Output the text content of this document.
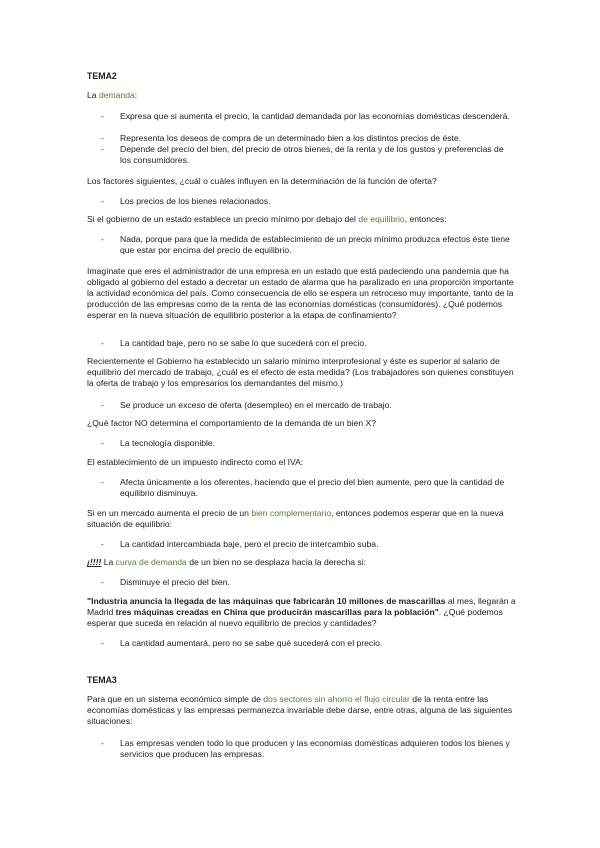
TEMA2
La demanda:
- Expresa que si aumenta el precio, la cantidad demandada por las economías domésticas descenderá.
- Representa los deseos de compra de un determinado bien a los distintos precios de éste.
- Depende del precio del bien, del precio de otros bienes, de la renta y de los gustos y preferencias de los consumidores.
Los factores siguientes, ¿cuál o cuáles influyen en la determinación de la función de oferta?
- Los precios de los bienes relacionados.
Si el gobierno de un estado establece un precio mínimo por debajo del de equilibrio, entonces:
- Nada, porque para que la medida de establecimiento de un precio mínimo produzca efectos éste tiene que estar por encima del precio de equilibrio.
Imagínate que eres el administrador de una empresa en un estado que está padeciendo una pandemia que ha obligado al gobierno del estado a decretar un estado de alarma que ha paralizado en una proporción importante la actividad económica del país. Como consecuencia de ello se espera un retroceso muy importante, tanto de la producción de las empresas como de la renta de las economías domésticas (consumidores). ¿Qué podemos esperar en la nueva situación de equilibrio posterior a la etapa de confinamiento?
- La cantidad baje, pero no se sabe lo que sucederá con el precio.
Recientemente el Gobierno ha establecido un salario mínimo interprofesional y éste es superior al salario de equilibrio del mercado de trabajo, ¿cuál es el efecto de esta medida? (Los trabajadores son quienes constituyen la oferta de trabajo y los empresarios los demandantes del mismo.)
- Se produce un exceso de oferta (desempleo) en el mercado de trabajo.
¿Qué factor NO determina el comportamiento de la demanda de un bien X?
- La tecnología disponible.
El establecimiento de un impuesto indirecto como el IVA:
- Afecta únicamente a los oferentes, haciendo que el precio del bien aumente, pero que la cantidad de equilibrio disminuya.
Si en un mercado aumenta el precio de un bien complementario, entonces podemos esperar que en la nueva situación de equilibrio:
- La cantidad intercambiada baje, pero el precio de intercambio suba.
¡!!!! La curva de demanda de un bien no se desplaza hacia la derecha si:
- Disminuye el precio del bien.
"Industria anuncia la llegada de las máquinas que fabricarán 10 millones de mascarillas al mes, llegarán a Madrid tres máquinas creadas en China que producirán mascarillas para la población". ¿Qué podemos esperar que suceda en relación al nuevo equilibrio de precios y cantidades?
- La cantidad aumentará, pero no se sabe qué sucederá con el precio.
TEMA3
Para que en un sistema económico simple de dos sectores sin ahorro el flujo circular de la renta entre las economías domésticas y las empresas permanezca invariable debe darse, entre otras, alguna de las siguientes situaciones:
- Las empresas venden todo lo que producen y las economías domésticas adquieren todos los bienes y servicios que producen las empresas.
